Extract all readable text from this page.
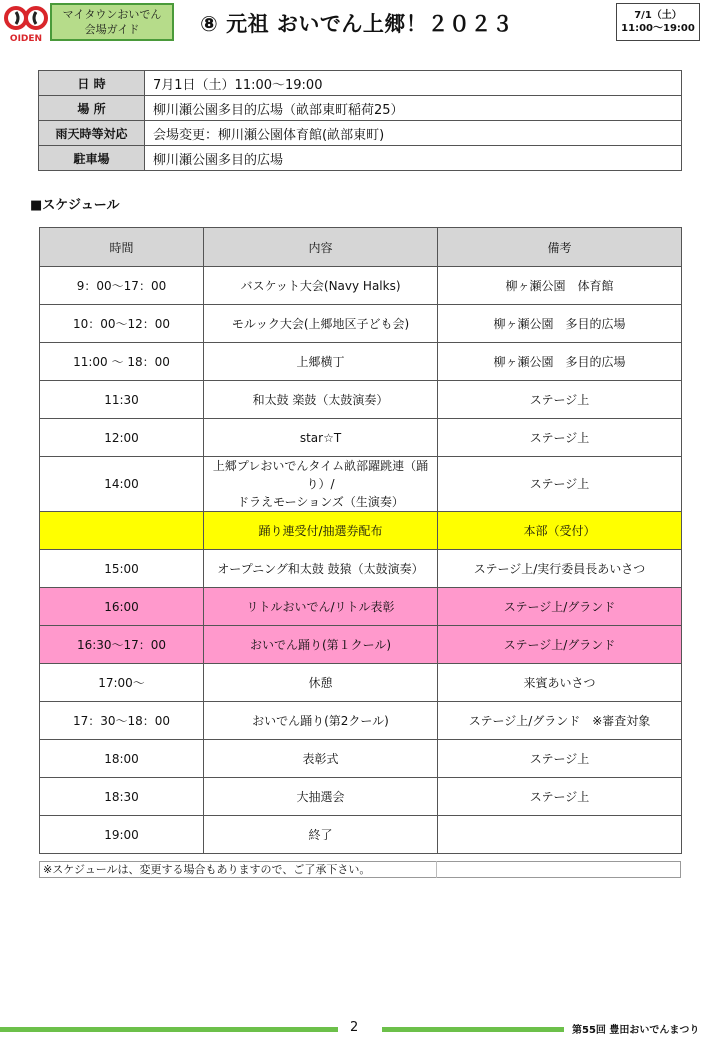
OIDEN
マイタウンおいでん
会場ガイド	⑧ 元祖 おいでん上郷！２０２３	7/1（土）
11:00～19:00
日 時	7月1日（土）11:00～19:00
場 所	柳川瀬公園多目的広場（畝部東町稲荷25）
雨天時等対応	会場変更：柳川瀬公園体育館(畝部東町)
駐車場	柳川瀬公園多目的広場
■スケジュール
時間	内容	備考
9：00～17：00	バスケット大会(Navy Halks)	柳ヶ瀬公園　体育館
10：00～12：00	モルック大会(上郷地区子ども会)	柳ヶ瀬公園　多目的広場
11:00 ～ 18：00	上郷横丁	柳ヶ瀬公園　多目的広場
11:30	和太鼓 楽鼓（太鼓演奏）	ステージ上
12:00	star☆T	ステージ上
14:00	上郷プレおいでんタイム畝部躍跳連（踊り）/
ドラえモーションズ（生演奏）	ステージ上
	踊り連受付/抽選券配布	本部（受付）
15:00	オープニング和太鼓 鼓猿（太鼓演奏）	ステージ上/実行委員長あいさつ
16:00	リトルおいでん/リトル表彰	ステージ上/グランド
16:30～17：00	おいでん踊り(第１クール)	ステージ上/グランド
17:00～	休憩	来賓あいさつ
17：30～18：00	おいでん踊り(第2クール)	ステージ上/グランド　※審査対象
18:00	表彰式	ステージ上
18:30	大抽選会	ステージ上
19:00	終了	
※スケジュールは、変更する場合もありますので、ご了承下さい。
2	第55回 豊田おいでんまつり
